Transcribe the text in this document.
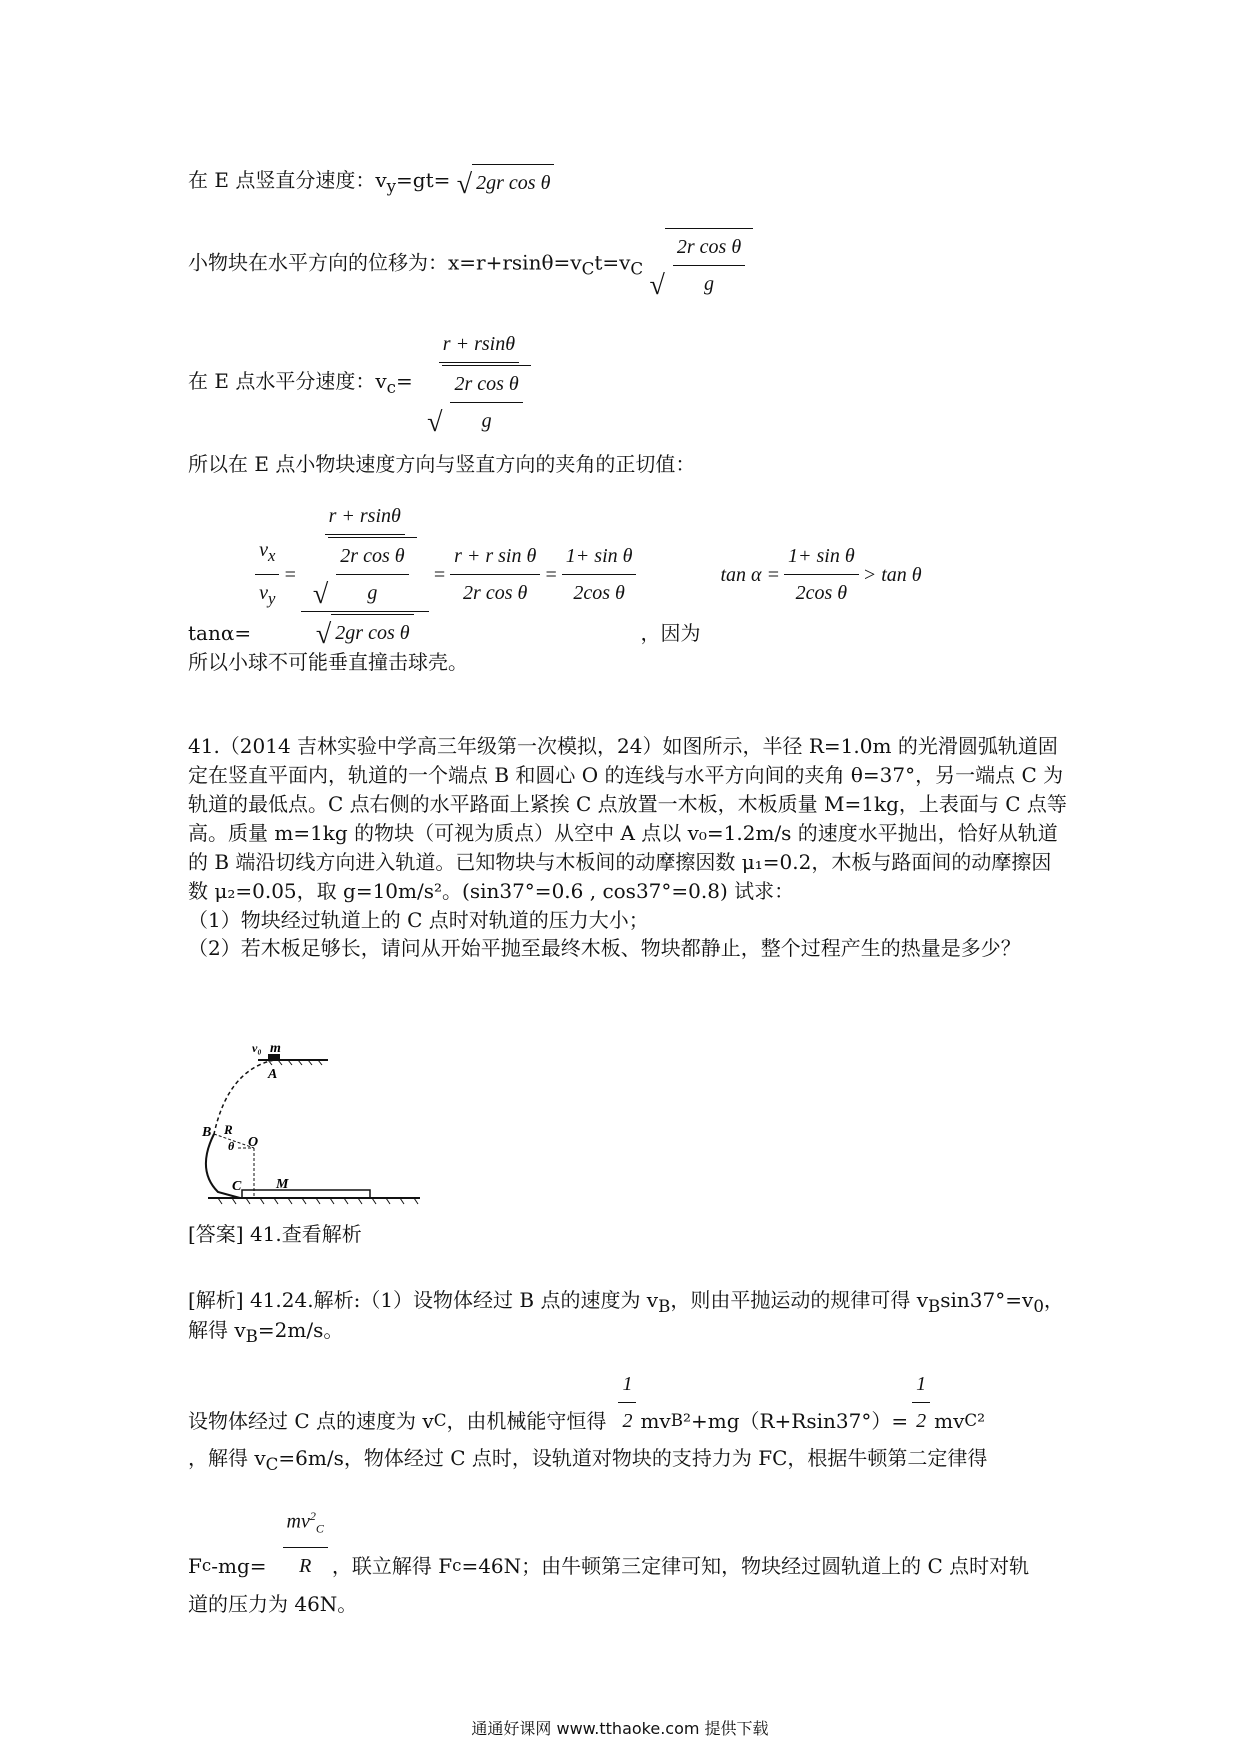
在 E 点竖直分速度：$v_y=gt=$ √ 2gr cos θ
小物块在水平方向的位移为：$x=r+rsin\theta=v_Ct=v_C$
√ $\frac{\text{2r cos θ}}{g}$
在 E 点水平分速度：$v_c= \frac{r + rsin\theta}{√ \frac{\text{2r cos θ}}{g}}$
所以在 E 点小物块速度方向与竖直方向的夹角的正切值：
tanα=
$\frac{v_x}{v_y} = \frac{\frac{r + rsin\theta}{√ \frac{\text{2r cos θ}}{g}}}{\text{√ 2gr cos θ}} = \frac{\text{r + r sin θ}}{\text{2r cos θ}} = \frac{\text{1+ sin θ}}{\text{2cos θ}}$
，因为
$\tan \alpha = \frac{\text{1+ sin θ}}{\text{2cos θ}} > \tan \theta$
所以小球不可能垂直撞击球壳。
41.（2014 吉林实验中学高三年级第一次模拟，24）如图所示，半径 R=1.0m 的光滑圆弧轨道固定在竖直平面内，轨道的一个端点 B 和圆心 O 的连线与水平方向间的夹角 θ=37°，另一端点 C 为轨道的最低点。C 点右侧的水平路面上紧挨 C 点放置一木板，木板质量 M=1kg，上表面与 C 点等高。质量 m=1kg 的物块（可视为质点）从空中 A 点以 v₀=1.2m/s 的速度水平抛出，恰好从轨道的 B 端沿切线方向进入轨道。已知物块与木板间的动摩擦因数 μ₁=0.2，木板与路面间的动摩擦因数 μ₂=0.05，取 g=10m/s²。(sin37°=0.6 , cos37°=0.8) 试求：
（1）物块经过轨道上的 C 点时对轨道的压力大小；
（2）若木板足够长，请问从开始平抛至最终木板、物块都静止，整个过程产生的热量是多少？
v₀ m
A
B R
θ O
C M
[答案] 41.查看解析
[解析] 41.24.解析:（1）设物体经过 B 点的速度为 $v_B$，则由平抛运动的规律可得 $v_B\sin 37^\circ=v_0$，
解得 $v_B=2m/s$。
设物体经过 C 点的速度为 v C ，由机械能守恒得 $\frac{1}{2}$ mv B $^2+mg(R+Rsin37^\circ)= \frac{1}{2}$ mv C ²
，解得 $v_C=6m/s$，物体经过 C 点时，设轨道对物块的支持力为 FC，根据牛顿第二定律得
F c $-mg= \frac{mv^2_C}{R}$ ，联立解得 F c =46N；由牛顿第三定律可知，物块经过圆轨道上的 C 点时对轨
道的压力为 46N。
通通好课网 www.tthaoke.com 提供下载
